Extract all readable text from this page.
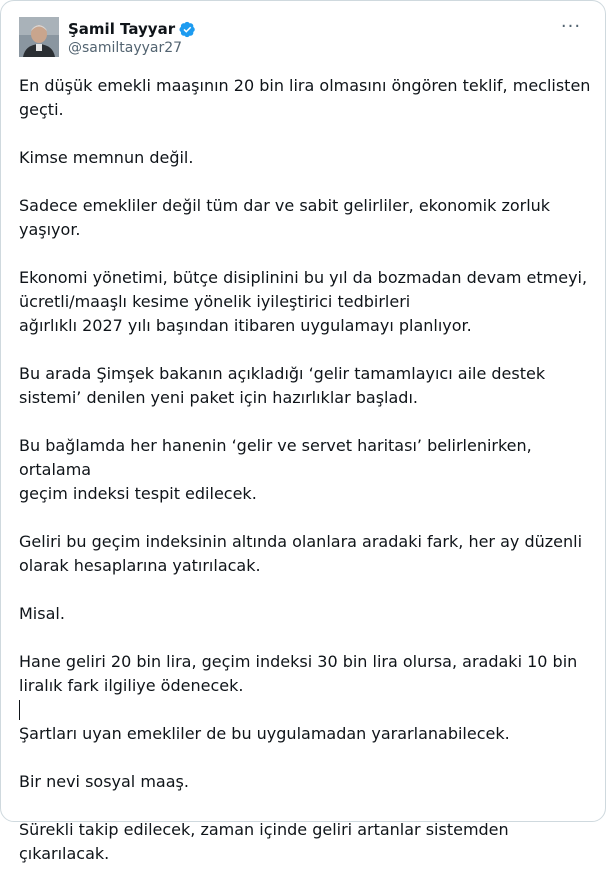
Şamil Tayyar
@samiltayyar27
···

En düşük emekli maaşının 20 bin lira olmasını öngören teklif, meclisten
geçti.

Kimse memnun değil.

Sadece emekliler değil tüm dar ve sabit gelirliler, ekonomik zorluk
yaşıyor.

Ekonomi yönetimi, bütçe disiplinini bu yıl da bozmadan devam etmeyi,
ücretli/maaşlı kesime yönelik iyileştirici tedbirleri
ağırlıklı 2027 yılı başından itibaren uygulamayı planlıyor.

Bu arada Şimşek bakanın açıkladığı ‘gelir tamamlayıcı aile destek
sistemi’ denilen yeni paket için hazırlıklar başladı.

Bu bağlamda her hanenin ‘gelir ve servet haritası’ belirlenirken, ortalama
geçim indeksi tespit edilecek.

Geliri bu geçim indeksinin altında olanlara aradaki fark, her ay düzenli
olarak hesaplarına yatırılacak.

Misal.

Hane geliri 20 bin lira, geçim indeksi 30 bin lira olursa, aradaki 10 bin
liralık fark ilgiliye ödenecek.

Şartları uyan emekliler de bu uygulamadan yararlanabilecek.

Bir nevi sosyal maaş.

Sürekli takip edilecek, zaman içinde geliri artanlar sistemden çıkarılacak.
